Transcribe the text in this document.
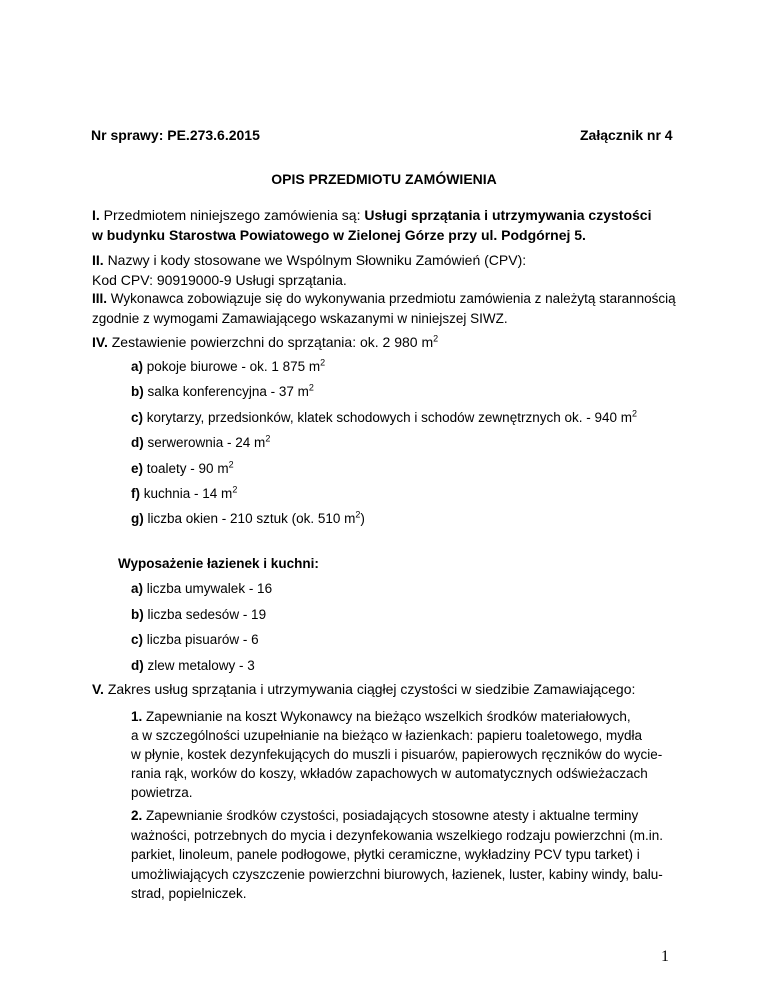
Nr sprawy: PE.273.6.2015	Załącznik nr 4
OPIS PRZEDMIOTU ZAMÓWIENIA
I. Przedmiotem niniejszego zamówienia są: Usługi sprzątania i utrzymywania czystości
w budynku Starostwa Powiatowego w Zielonej Górze przy ul. Podgórnej 5.
II. Nazwy i kody stosowane we Wspólnym Słowniku Zamówień (CPV):
Kod CPV: 90919000-9 Usługi sprzątania.
III. Wykonawca zobowiązuje się do wykonywania przedmiotu zamówienia z należytą starannością
zgodnie z wymogami Zamawiającego wskazanymi w niniejszej SIWZ.
IV. Zestawienie powierzchni do sprzątania: ok. 2 980 $m^2$
a) pokoje biurowe - ok. 1 875 $m^2$
b) salka konferencyjna - 37 $m^2$
c) korytarzy, przedsionków, klatek schodowych i schodów zewnętrznych ok. - 940 $m^2$
d) serwerownia - 24 $m^2$
e) toalety - 90 $m^2$
f) kuchnia - 14 $m^2$
g) liczba okien - 210 sztuk (ok. 510 $m^2$)
Wyposażenie łazienek i kuchni:
a) liczba umywalek - 16
b) liczba sedesów - 19
c) liczba pisuarów - 6
d) zlew metalowy - 3
V. Zakres usług sprzątania i utrzymywania ciągłej czystości w siedzibie Zamawiającego:
1. Zapewnianie na koszt Wykonawcy na bieżąco wszelkich środków materiałowych,
a w szczególności uzupełnianie na bieżąco w łazienkach: papieru toaletowego, mydła
w płynie, kostek dezynfekujących do muszli i pisuarów, papierowych ręczników do wycie-
rania rąk, worków do koszy, wkładów zapachowych w automatycznych odświeżaczach
powietrza.
2. Zapewnianie środków czystości, posiadających stosowne atesty i aktualne terminy
ważności, potrzebnych do mycia i dezynfekowania wszelkiego rodzaju powierzchni (m.in.
parkiet, linoleum, panele podłogowe, płytki ceramiczne, wykładziny PCV typu tarket) i
umożliwiających czyszczenie powierzchni biurowych, łazienek, luster, kabiny windy, balu-
strad, popielniczek.
1
